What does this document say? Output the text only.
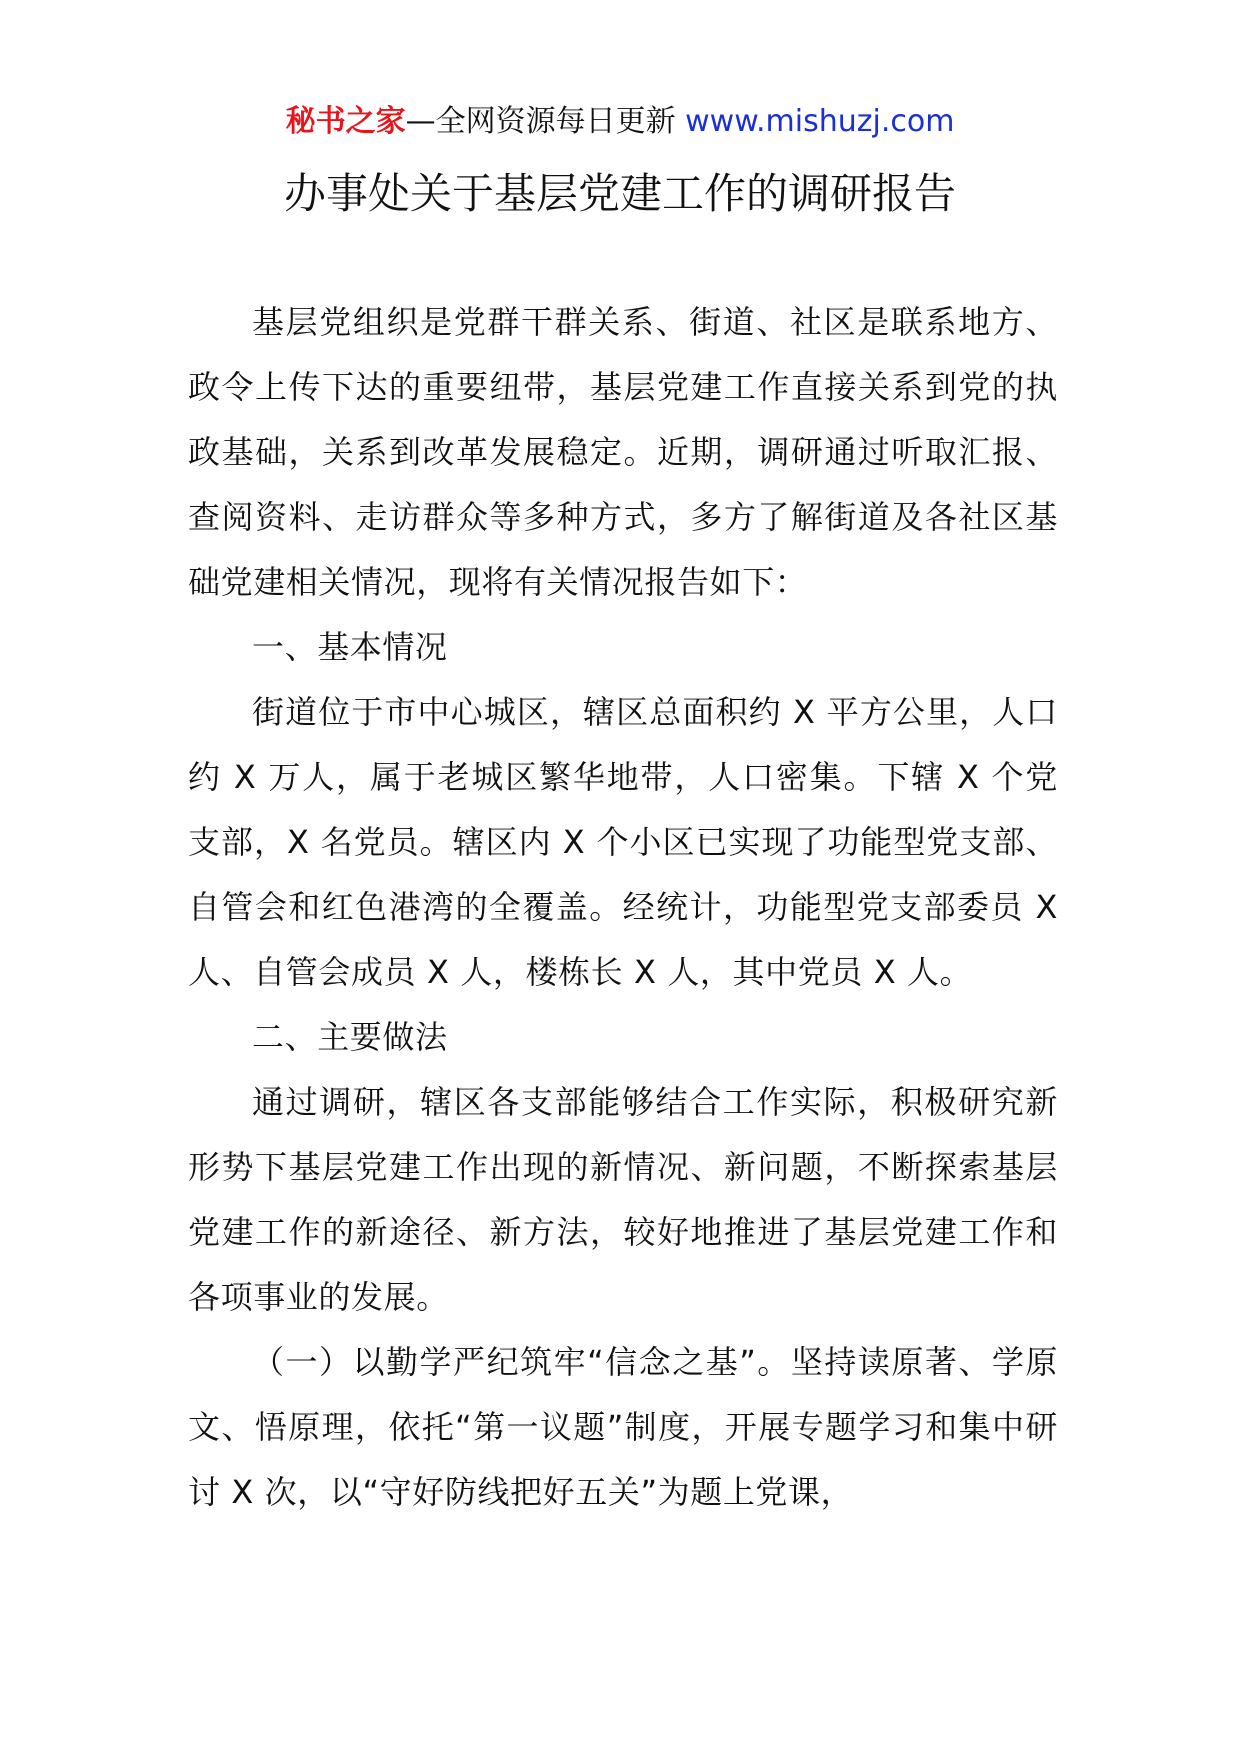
秘书之家—全网资源每日更新 www.mishuzj.com
办事处关于基层党建工作的调研报告

基层党组织是党群干群关系、街道、社区是联系地方、政令上传下达的重要纽带，基层党建工作直接关系到党的执政基础，关系到改革发展稳定。近期，调研通过听取汇报、查阅资料、走访群众等多种方式，多方了解街道及各社区基础党建相关情况，现将有关情况报告如下：

一、基本情况

街道位于市中心城区，辖区总面积约 X 平方公里，人口约 X 万人，属于老城区繁华地带，人口密集。下辖 X 个党支部，X 名党员。辖区内 X 个小区已实现了功能型党支部、自管会和红色港湾的全覆盖。经统计，功能型党支部委员 X 人、自管会成员 X 人，楼栋长 X 人，其中党员 X 人。

二、主要做法

通过调研，辖区各支部能够结合工作实际，积极研究新形势下基层党建工作出现的新情况、新问题，不断探索基层党建工作的新途径、新方法，较好地推进了基层党建工作和各项事业的发展。

（一）以勤学严纪筑牢“信念之基”。坚持读原著、学原文、悟原理，依托“第一议题”制度，开展专题学习和集中研讨 X 次，以“守好防线把好五关”为题上党课，
